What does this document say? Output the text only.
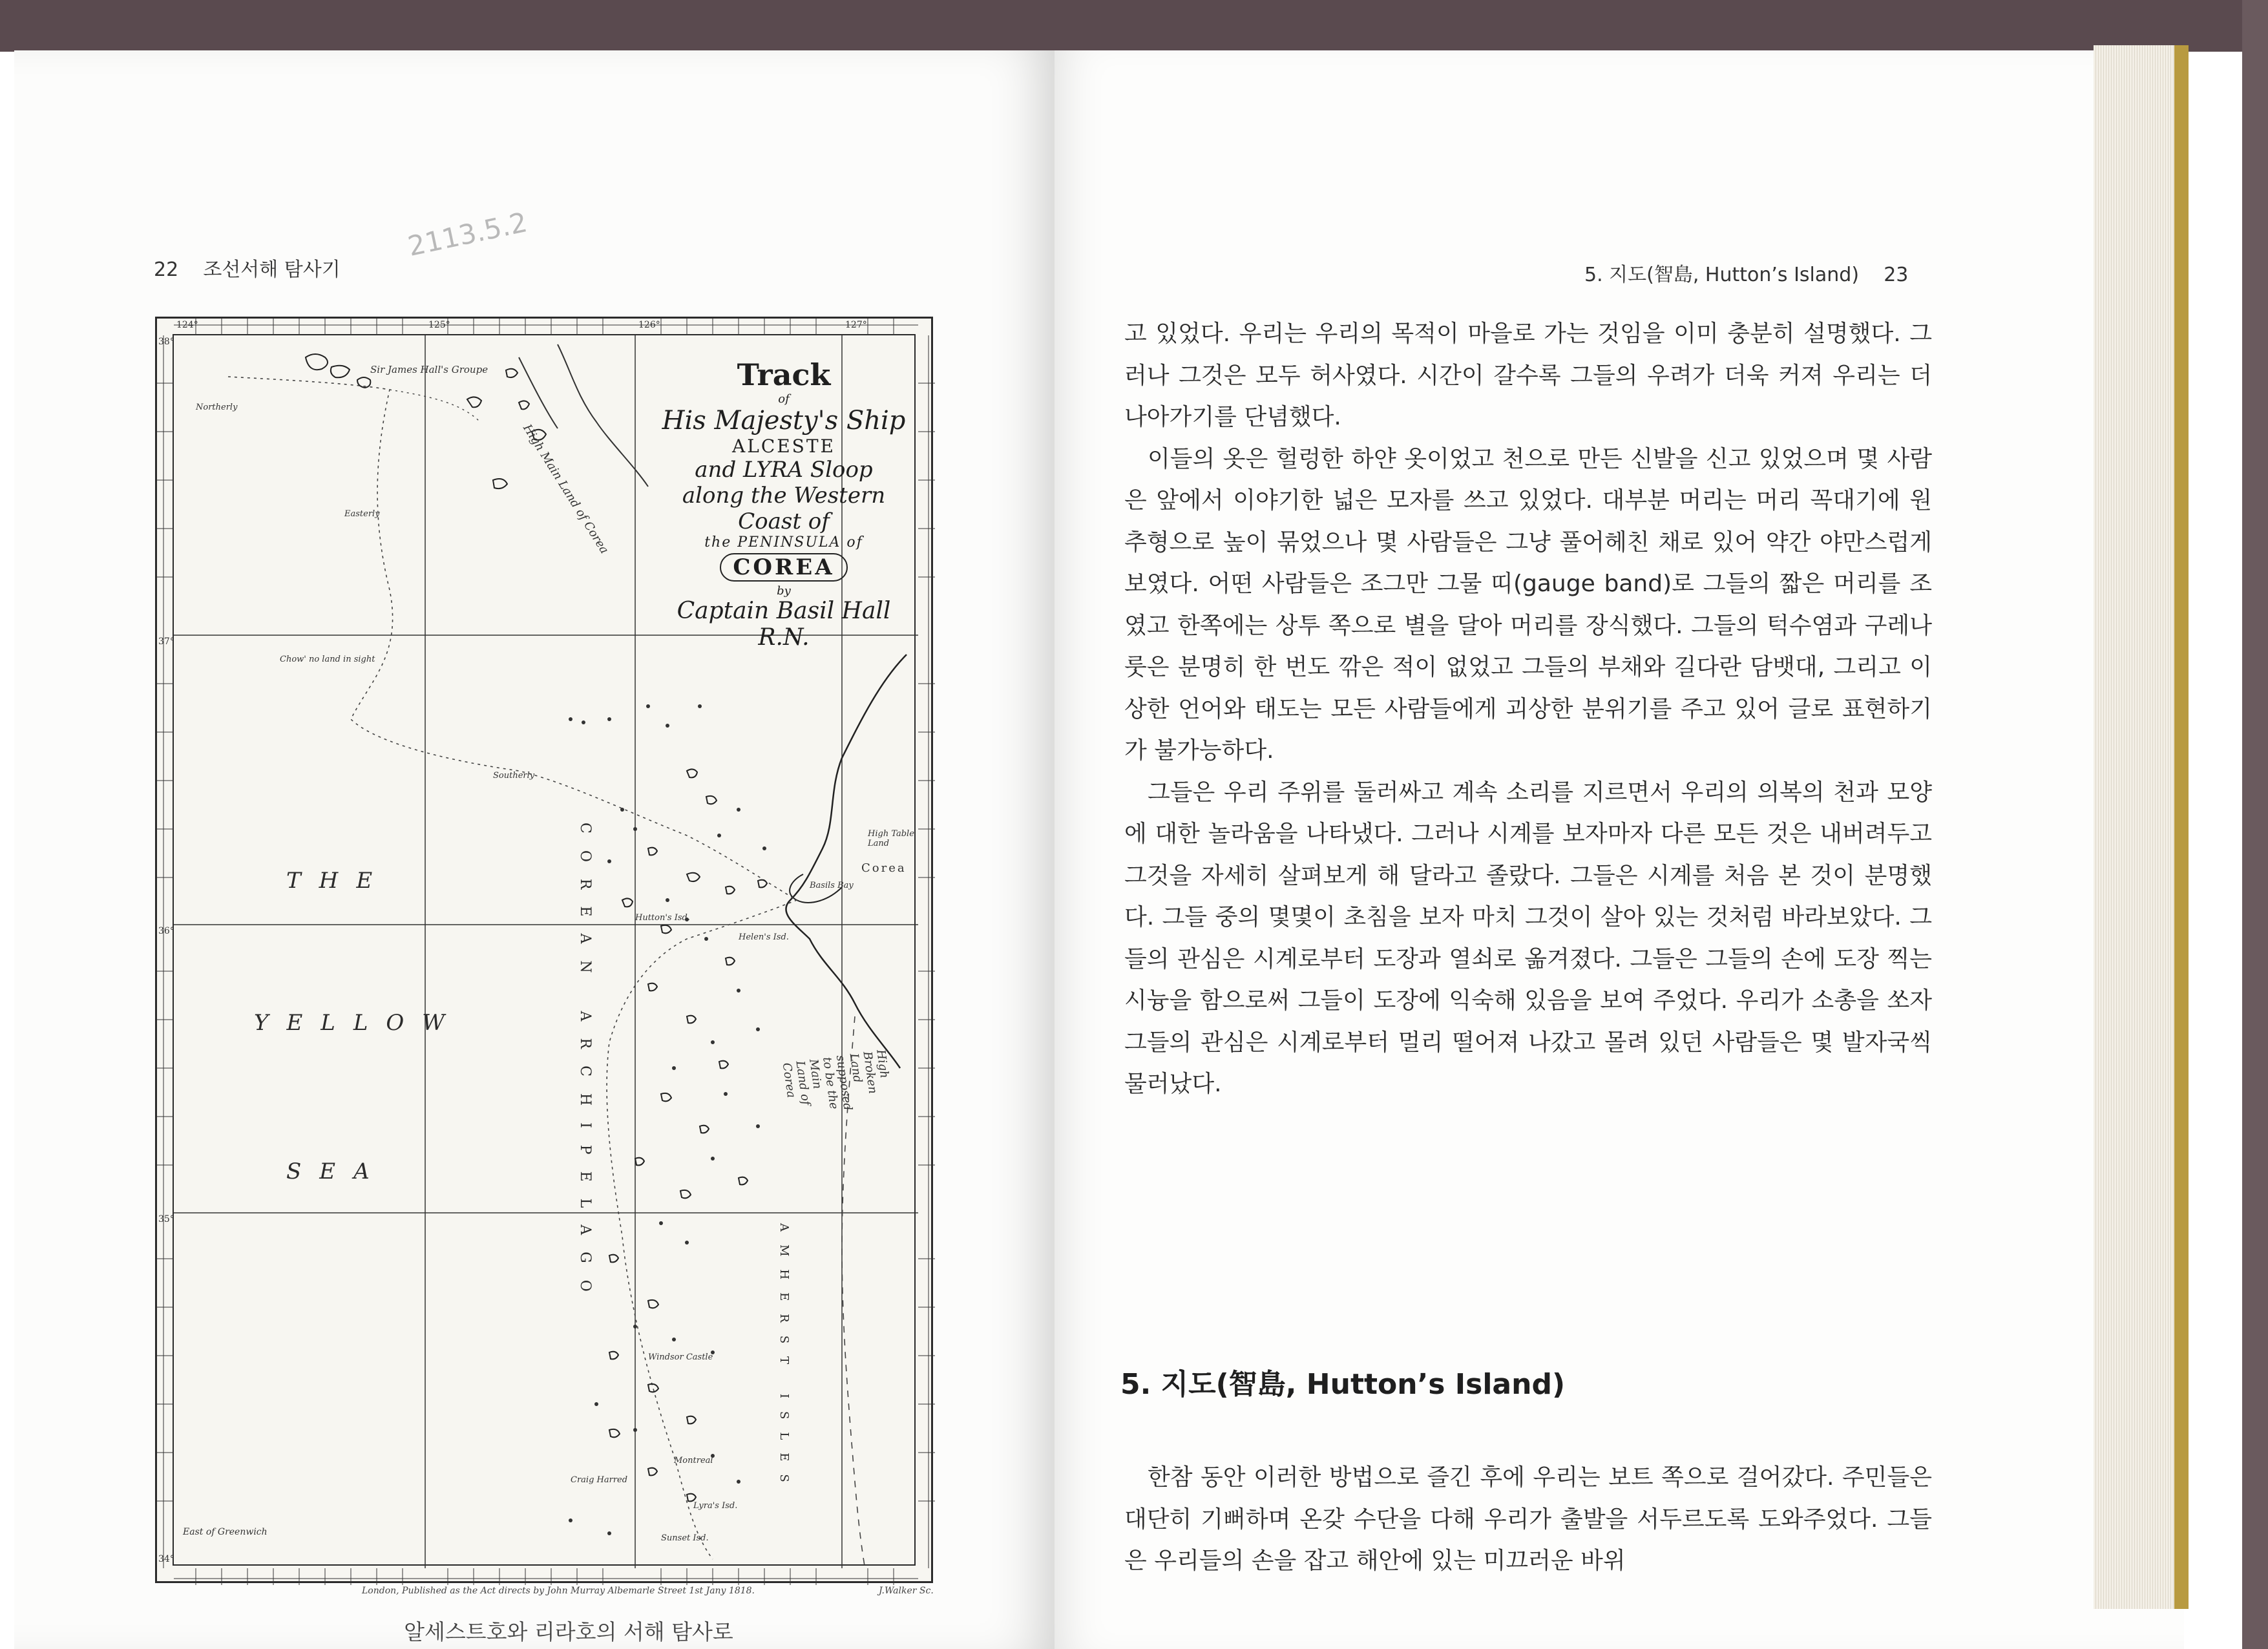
22 조선서해 탐사기
2113.5.2
124°	125°	126°	127°
38°
37°
36°
35°
34°
Track
of
His Majesty's Ship
ALCESTE
and LYRA Sloop
along the Western Coast of
the PENINSULA of
COREA
by
Captain Basil Hall R.N.
THE
YELLOW
SEA	COREAN ARCHIPELAGO
AMHERST ISLES
High Main Land of Corea
High Broken Land supposed to be the Main Land of Corea
Sir James Hall's Groupe
High Table Land
Corea
Basils Bay
Hutton's Isd.
Helen's Isd.
Windsor Castle
Montreal
Craig Harred
Lyra's Isd.
Sunset Isd.
Northerly
Southerly
Easterly
Chow' no land in sight
East of Greenwich
London, Published as the Act directs by John Murray Albemarle Street 1st Jany 1818.	J.Walker Sc.
알세스트호와 리라호의 서해 탐사로
5. 지도(智島, Hutton’s Island) 23

고 있었다. 우리는 우리의 목적이 마을로 가는 것임을 이미 충분히 설명했다. 그러나 그것은 모두 허사였다. 시간이 갈수록 그들의 우려가 더욱 커져 우리는 더 나아가기를 단념했다.

이들의 옷은 헐렁한 하얀 옷이었고 천으로 만든 신발을 신고 있었으며 몇 사람은 앞에서 이야기한 넓은 모자를 쓰고 있었다. 대부분 머리는 머리 꼭대기에 원추형으로 높이 묶었으나 몇 사람들은 그냥 풀어헤친 채로 있어 약간 야만스럽게 보였다. 어떤 사람들은 조그만 그물 띠(gauge band)로 그들의 짧은 머리를 조였고 한쪽에는 상투 쪽으로 별을 달아 머리를 장식했다. 그들의 턱수염과 구레나룻은 분명히 한 번도 깎은 적이 없었고 그들의 부채와 길다란 담뱃대, 그리고 이상한 언어와 태도는 모든 사람들에게 괴상한 분위기를 주고 있어 글로 표현하기가 불가능하다.

그들은 우리 주위를 둘러싸고 계속 소리를 지르면서 우리의 의복의 천과 모양에 대한 놀라움을 나타냈다. 그러나 시계를 보자마자 다른 모든 것은 내버려두고 그것을 자세히 살펴보게 해 달라고 졸랐다. 그들은 시계를 처음 본 것이 분명했다. 그들 중의 몇몇이 초침을 보자 마치 그것이 살아 있는 것처럼 바라보았다. 그들의 관심은 시계로부터 도장과 열쇠로 옮겨졌다. 그들은 그들의 손에 도장 찍는 시늉을 함으로써 그들이 도장에 익숙해 있음을 보여 주었다. 우리가 소총을 쏘자 그들의 관심은 시계로부터 멀리 떨어져 나갔고 몰려 있던 사람들은 몇 발자국씩 물러났다.

5. 지도(智島, Hutton’s Island)

한참 동안 이러한 방법으로 즐긴 후에 우리는 보트 쪽으로 걸어갔다. 주민들은 대단히 기뻐하며 온갖 수단을 다해 우리가 출발을 서두르도록 도와주었다. 그들은 우리들의 손을 잡고 해안에 있는 미끄러운 바위
